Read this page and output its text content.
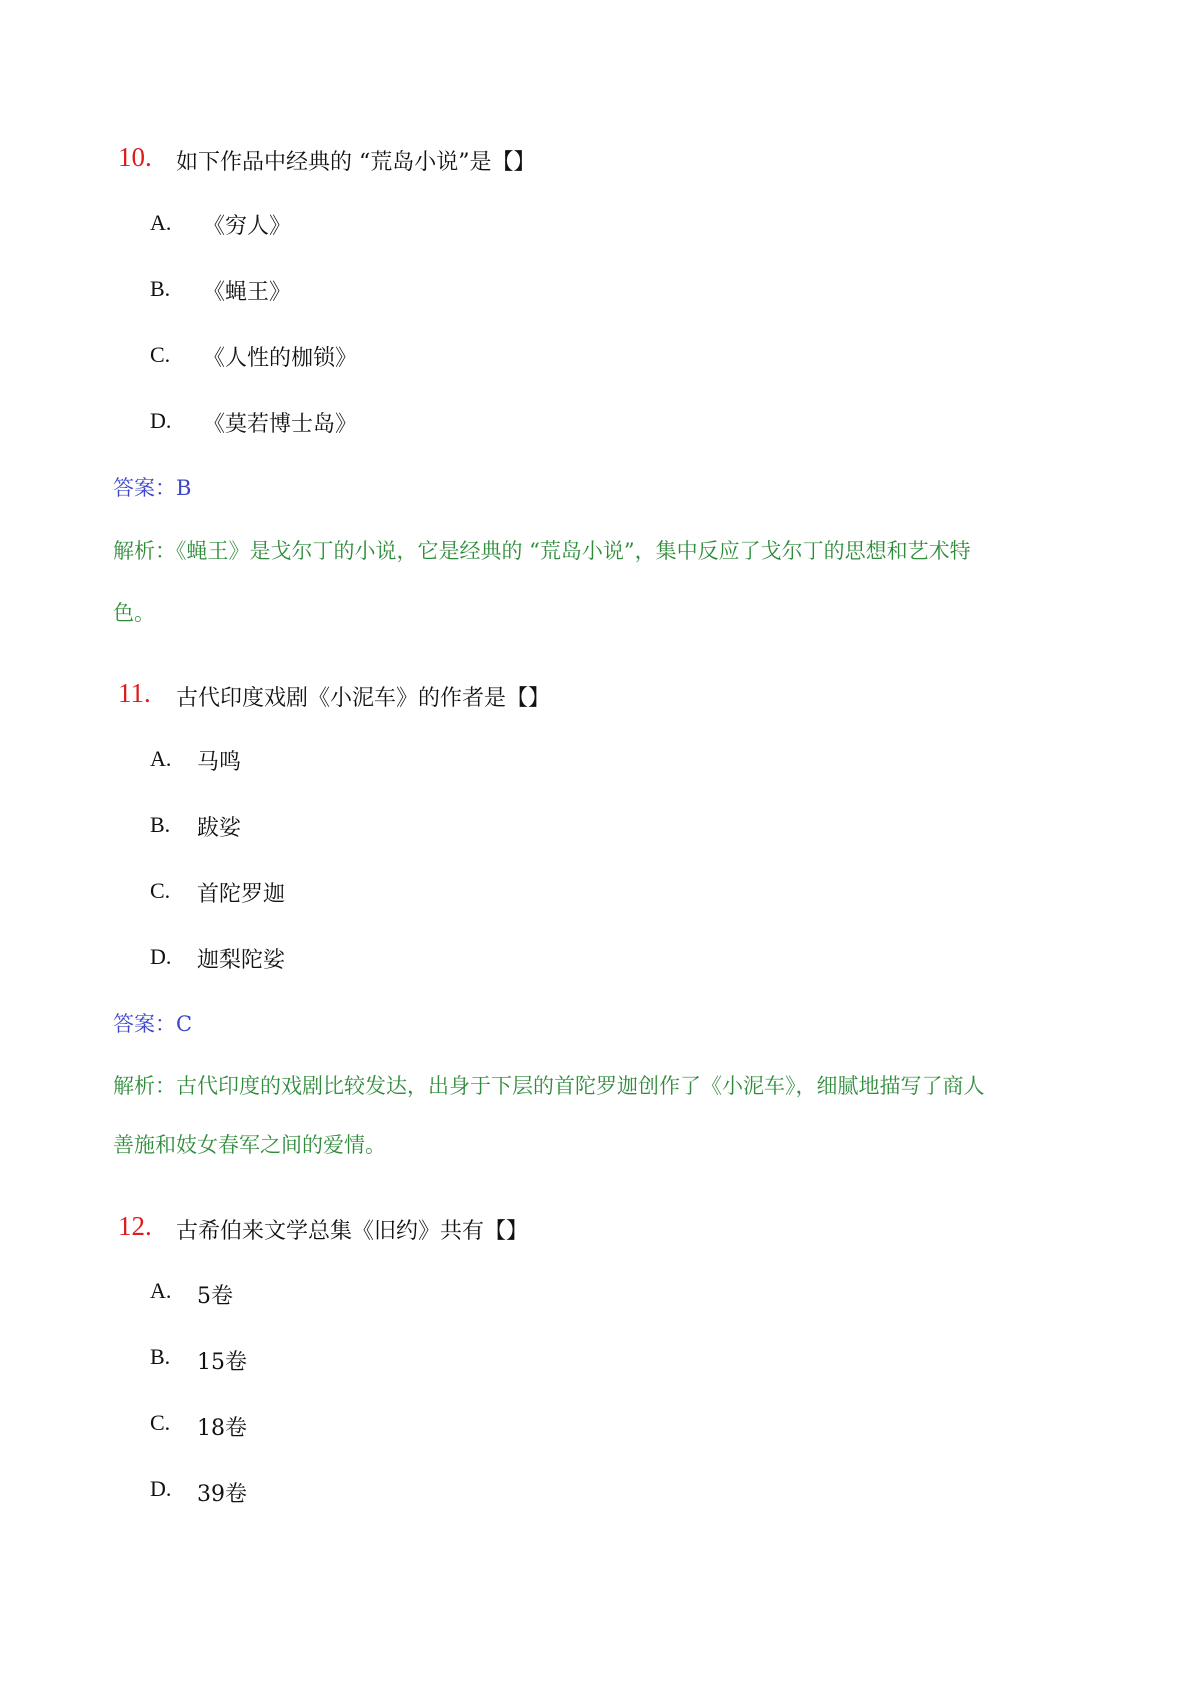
10. 如下作品中经典的 “荒岛小说”是【】
A. 《穷人》
B. 《蝇王》
C. 《人性的枷锁》
D. 《莫若博士岛》
答案：B
解析：《蝇王》是戈尔丁的小说，它是经典的 “荒岛小说”，集中反应了戈尔丁的思想和艺术特
色。
11. 古代印度戏剧《小泥车》的作者是【】
A. 马鸣
B. 跋娑
C. 首陀罗迦
D. 迦梨陀娑
答案：C
解析：古代印度的戏剧比较发达，出身于下层的首陀罗迦创作了《小泥车》，细腻地描写了商人
善施和妓女春军之间的爱情。
12. 古希伯来文学总集《旧约》共有【】
A. 5卷
B. 15卷
C. 18卷
D. 39卷
